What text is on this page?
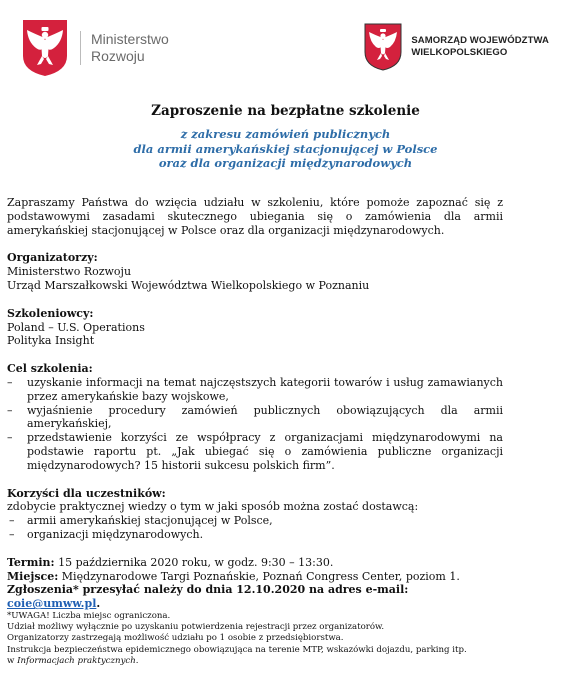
Ministerstwo
Rozwoju
SAMORZĄD WOJEWÓDZTWA
WIELKOPOLSKIEGO
Zaproszenie na bezpłatne szkolenie
z zakresu zamówień publicznych
dla armii amerykańskiej stacjonującej w Polsce
oraz dla organizacji międzynarodowych

Zapraszamy Państwa do wzięcia udziału w szkoleniu, które pomoże zapoznać się z podstawowymi zasadami skutecznego ubiegania się o zamówienia dla armii amerykańskiej stacjonującej w Polsce oraz dla organizacji międzynarodowych.

Organizatorzy:

Ministerstwo Rozwoju

Urząd Marszałkowski Województwa Wielkopolskiego w Poznaniu

Szkoleniowcy:

Poland – U.S. Operations

Polityka Insight

Cel szkolenia:

– uzyskanie informacji na temat najczęstszych kategorii towarów i usług zamawianych przez amerykańskie bazy wojskowe,
– wyjaśnienie procedury zamówień publicznych obowiązujących dla armii amerykańskiej,
– przedstawienie korzyści ze współpracy z organizacjami międzynarodowymi na podstawie raportu pt. „Jak ubiegać się o zamówienia publiczne organizacji międzynarodowych? 15 historii sukcesu polskich firm”.

Korzyści dla uczestników:

zdobycie praktycznej wiedzy o tym w jaki sposób można zostać dostawcą:

– armii amerykańskiej stacjonującej w Polsce,
– organizacji międzynarodowych.

Termin: 15 października 2020 roku, w godz. 9:30 – 13:30.

Miejsce: Międzynarodowe Targi Poznańskie, Poznań Congress Center, poziom 1.

Zgłoszenia* przesyłać należy do dnia 12.10.2020 na adres e-mail: coie@umww.pl.

*UWAGA! Liczba miejsc ograniczona.

Udział możliwy wyłącznie po uzyskaniu potwierdzenia rejestracji przez organizatorów.

Organizatorzy zastrzegają możliwość udziału po 1 osobie z przedsiębiorstwa.

Instrukcja bezpieczeństwa epidemicznego obowiązująca na terenie MTP, wskazówki dojazdu, parking itp.

w Informacjach praktycznych.
